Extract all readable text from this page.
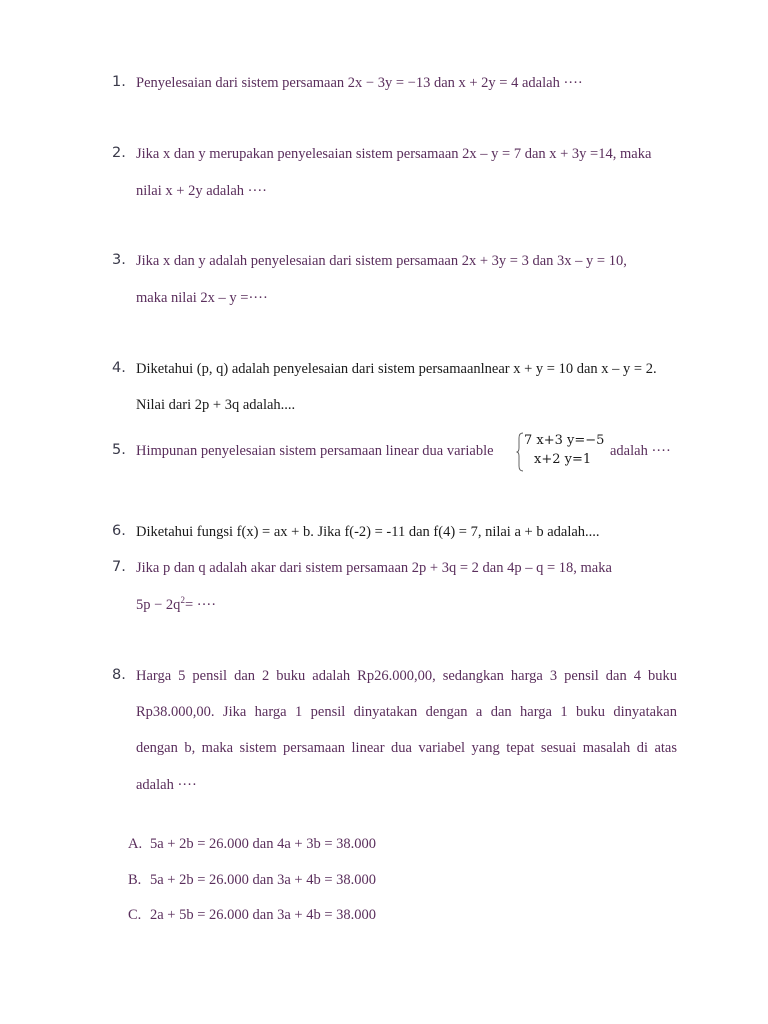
1. Penyelesaian dari sistem persamaan 2x − 3y = −13 dan x + 2y = 4 adalah ····
2. Jika x dan y merupakan penyelesaian sistem persamaan 2x – y = 7 dan x + 3y =14, maka
nilai x + 2y adalah ····
3. Jika x dan y adalah penyelesaian dari sistem persamaan 2x + 3y = 3 dan 3x – y = 10,
maka nilai 2x – y =····
4. Diketahui (p, q) adalah penyelesaian dari sistem persamaanlnear x + y = 10 dan x – y = 2.
Nilai dari 2p + 3q adalah....
5. Himpunan penyelesaian sistem persamaan linear dua variable
7 x+3 y=−5
x+2 y=1
adalah ····
6. Diketahui fungsi f(x) = ax + b. Jika f(-2) = -11 dan f(4) = 7, nilai a + b adalah....
7. Jika p dan q adalah akar dari sistem persamaan 2p + 3q = 2 dan 4p – q = 18, maka
$5p - 2q^2=$ ····
8. Harga 5 pensil dan 2 buku adalah Rp26.000,00, sedangkan harga 3 pensil dan 4 buku
Rp38.000,00. Jika harga 1 pensil dinyatakan dengan a dan harga 1 buku dinyatakan
dengan b, maka sistem persamaan linear dua variabel yang tepat sesuai masalah di atas
adalah ····
A. 5a + 2b = 26.000 dan 4a + 3b = 38.000
B. 5a + 2b = 26.000 dan 3a + 4b = 38.000
C. 2a + 5b = 26.000 dan 3a + 4b = 38.000
